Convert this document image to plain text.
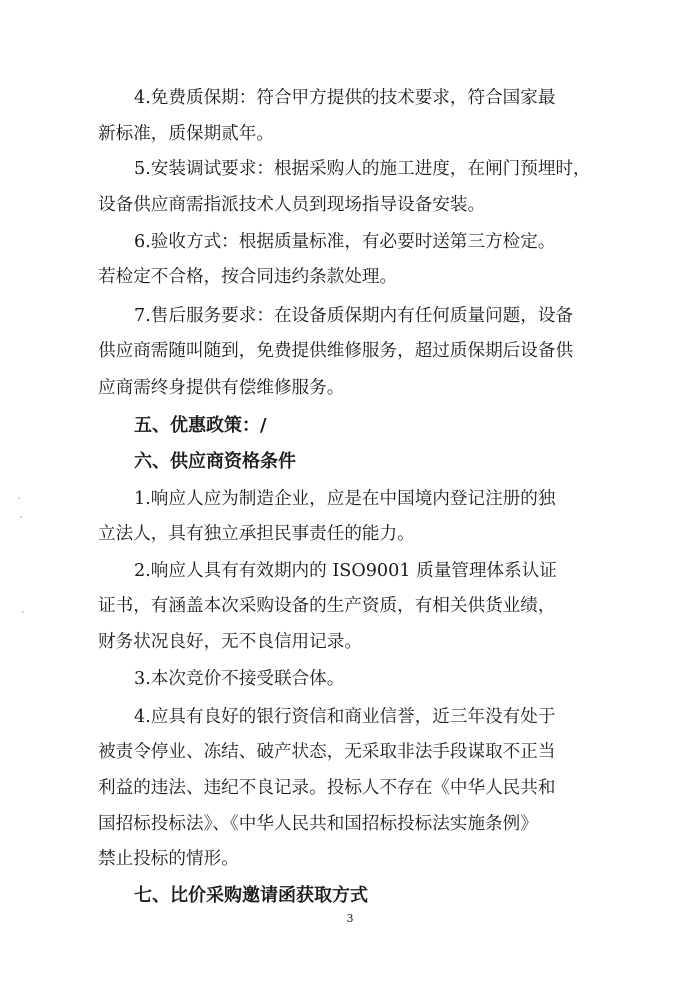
4.免费质保期：符合甲方提供的技术要求，符合国家最
新标准，质保期贰年。
5.安装调试要求：根据采购人的施工进度，在闸门预埋时，
设备供应商需指派技术人员到现场指导设备安装。
6.验收方式：根据质量标准，有必要时送第三方检定。
若检定不合格，按合同违约条款处理。
7.售后服务要求：在设备质保期内有任何质量问题，设备
供应商需随叫随到，免费提供维修服务，超过质保期后设备供
应商需终身提供有偿维修服务。
五、优惠政策：/
六、供应商资格条件
1.响应人应为制造企业，应是在中国境内登记注册的独
立法人，具有独立承担民事责任的能力。
2.响应人具有有效期内的 ISO9001 质量管理体系认证
证书，有涵盖本次采购设备的生产资质，有相关供货业绩，
财务状况良好，无不良信用记录。
3.本次竞价不接受联合体。
4.应具有良好的银行资信和商业信誉，近三年没有处于
被责令停业、冻结、破产状态，无采取非法手段谋取不正当
利益的违法、违纪不良记录。投标人不存在《中华人民共和
国招标投标法》、《中华人民共和国招标投标法实施条例》
禁止投标的情形。
七、比价采购邀请函获取方式
3
